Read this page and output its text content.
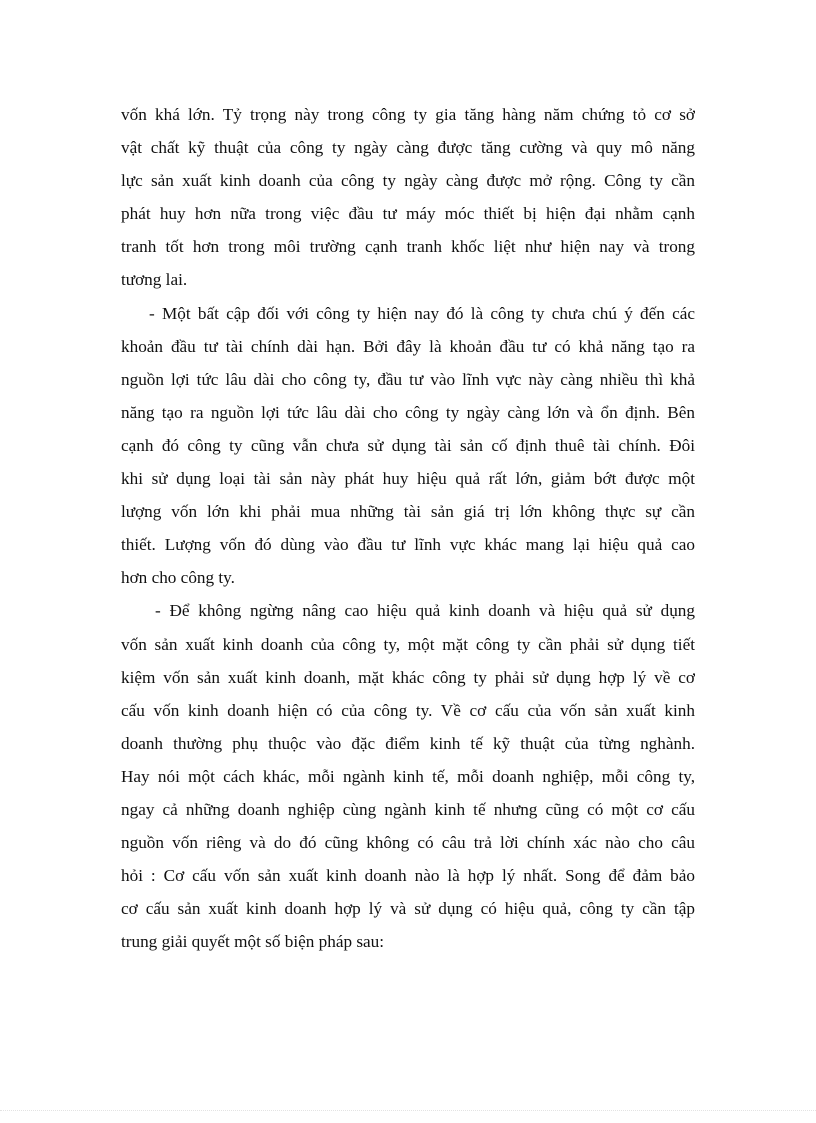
vốn khá lớn. Tỷ trọng này trong công ty gia tăng hàng năm chứng tỏ cơ sở
vật chất kỹ thuật của công ty ngày càng được tăng cường và quy mô năng
lực sản xuất kinh doanh của công ty ngày càng được mở rộng. Công ty cần
phát huy hơn nữa trong việc đầu tư máy móc thiết bị hiện đại nhằm cạnh
tranh tốt hơn trong môi trường cạnh tranh khốc liệt như hiện nay và trong
tương lai.
- Một bất cập đối với công ty hiện nay đó là công ty chưa chú ý đến các
khoản đầu tư tài chính dài hạn. Bởi đây là khoản đầu tư có khả năng tạo ra
nguồn lợi tức lâu dài cho công ty, đầu tư vào lĩnh vực này càng nhiều thì khả
năng tạo ra nguồn lợi tức lâu dài cho công ty ngày càng lớn và ổn định. Bên
cạnh đó công ty cũng vẫn chưa sử dụng tài sản cố định thuê tài chính. Đôi
khi sử dụng loại tài sản này phát huy hiệu quả rất lớn, giảm bớt được một
lượng vốn lớn khi phải mua những tài sản giá trị lớn không thực sự cần
thiết. Lượng vốn đó dùng vào đầu tư lĩnh vực khác mang lại hiệu quả cao
hơn cho công ty.
- Để không ngừng nâng cao hiệu quả kinh doanh và hiệu quả sử dụng
vốn sản xuất kinh doanh của công ty, một mặt công ty cần phải sử dụng tiết
kiệm vốn sản xuất kinh doanh, mặt khác công ty phải sử dụng hợp lý về cơ
cấu vốn kinh doanh hiện có của công ty. Về cơ cấu của vốn sản xuất kinh
doanh thường phụ thuộc vào đặc điểm kinh tế kỹ thuật của từng nghành.
Hay nói một cách khác, mỗi ngành kinh tế, mỗi doanh nghiệp, mỗi công ty,
ngay cả những doanh nghiệp cùng ngành kinh tế nhưng cũng có một cơ cấu
nguồn vốn riêng và do đó cũng không có câu trả lời chính xác nào cho câu
hỏi : Cơ cấu vốn sản xuất kinh doanh nào là hợp lý nhất. Song để đảm bảo
cơ cấu sản xuất kinh doanh hợp lý và sử dụng có hiệu quả, công ty cần tập
trung giải quyết một số biện pháp sau:
